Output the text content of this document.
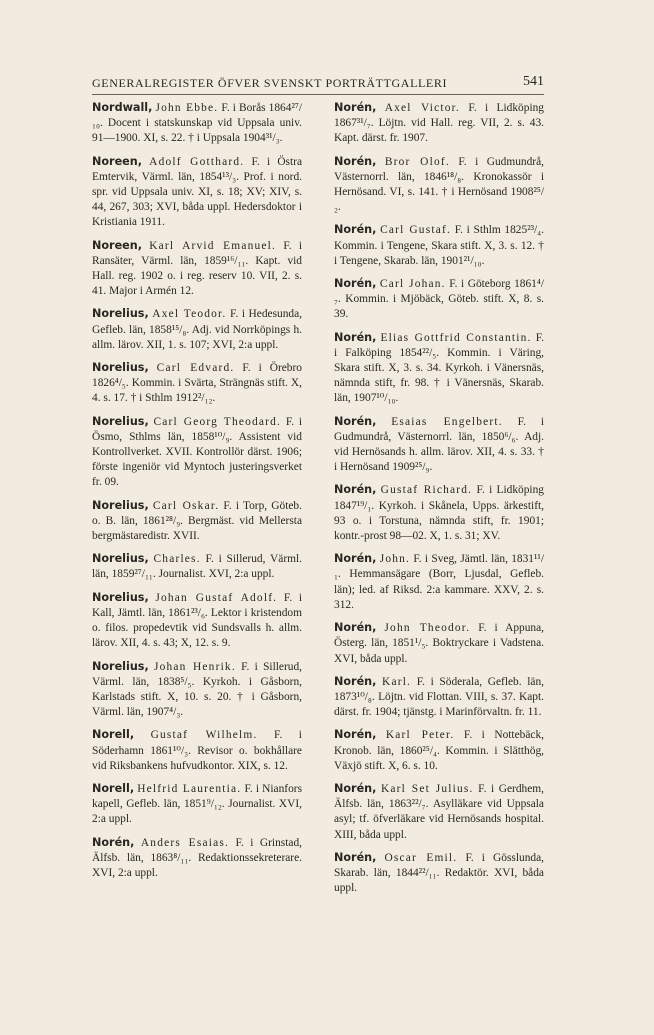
GENERALREGISTER ÖFVER SVENSKT PORTRÄTTGALLERI	541

Nordwall, John Ebbe. F. i Borås 1864²⁷/₁₀. Docent i statskunskap vid Uppsala univ. 91—1900. XI, s. 22. † i Uppsala 1904³¹/₃.

Noreen, Adolf Gotthard. F. i Östra Emtervik, Värml. län, 1854¹³/₃. Prof. i nord. spr. vid Uppsala univ. XI, s. 18; XV; XIV, s. 44, 267, 303; XVI, båda uppl. Hedersdoktor i Kristiania 1911.

Noreen, Karl Arvid Emanuel. F. i Ransäter, Värml. län, 1859¹⁶/₁₁. Kapt. vid Hall. reg. 1902 o. i reg. reserv 10. VII, 2. s. 41. Major i Armén 12.

Norelius, Axel Teodor. F. i Hedesunda, Gefleb. län, 1858¹⁵/₈. Adj. vid Norrköpings h. allm. lärov. XII, 1. s. 107; XVI, 2:a uppl.

Norelius, Carl Edvard. F. i Örebro 1826⁴/₅. Kommin. i Svärta, Strängnäs stift. X, 4. s. 17. † i Sthlm 1912²/₁₂.

Norelius, Carl Georg Theodard. F. i Ösmo, Sthlms län, 1858¹⁰/₉. Assistent vid Kontrollverket. XVII. Kontrollör därst. 1906; förste ingeniör vid Myntoch justeringsverket fr. 09.

Norelius, Carl Oskar. F. i Torp, Göteb. o. B. län, 1861²⁸/₉. Bergmäst. vid Mellersta bergmästaredistr. XVII.

Norelius, Charles. F. i Sillerud, Värml. län, 1859²⁷/₁₁. Journalist. XVI, 2:a uppl.

Norelius, Johan Gustaf Adolf. F. i Kall, Jämtl. län, 1861²³/₆. Lektor i kristendom o. filos. propedevtik vid Sundsvalls h. allm. lärov. XII, 4. s. 43; X, 12. s. 9.

Norelius, Johan Henrik. F. i Sillerud, Värml. län, 1838⁵/₅. Kyrkoh. i Gåsborn, Karlstads stift. X, 10. s. 20. † i Gåsborn, Värml. län, 1907⁴/₃.

Norell, Gustaf Wilhelm. F. i Söderhamn 1861¹⁰/₃. Revisor o. bokhållare vid Riksbankens hufvudkontor. XIX, s. 12.

Norell, Helfrid Laurentia. F. i Nianfors kapell, Gefleb. län, 1851⁹/₁₂. Journalist. XVI, 2:a uppl.

Norén, Anders Esaias. F. i Grinstad, Älfsb. län, 1863⁸/₁₁. Redaktionssekreterare. XVI, 2:a uppl.

Norén, Axel Victor. F. i Lidköping 1867³¹/₇. Löjtn. vid Hall. reg. VII, 2. s. 43. Kapt. därst. fr. 1907.

Norén, Bror Olof. F. i Gudmundrå, Västernorrl. län, 1846¹⁸/₈. Kronokassör i Hernösand. VI, s. 141. † i Hernösand 1908²⁵/₂.

Norén, Carl Gustaf. F. i Sthlm 1825²³/₄. Kommin. i Tengene, Skara stift. X, 3. s. 12. † i Tengene, Skarab. län, 1901²¹/₁₀.

Norén, Carl Johan. F. i Göteborg 1861⁴/₇. Kommin. i Mjöbäck, Göteb. stift. X, 8. s. 39.

Norén, Elias Gottfrid Constantin. F. i Falköping 1854²²/₅. Kommin. i Väring, Skara stift. X, 3. s. 34. Kyrkoh. i Vänersnäs, nämnda stift, fr. 98. † i Vänersnäs, Skarab. län, 1907¹⁰/₁₀.

Norén, Esaias Engelbert. F. i Gudmundrå, Västernorrl. län, 1850⁶/₆. Adj. vid Hernösands h. allm. lärov. XII, 4. s. 33. † i Hernösand 1909²⁵/₉.

Norén, Gustaf Richard. F. i Lidköping 1847¹⁹/₁. Kyrkoh. i Skånela, Upps. ärkestift, 93 o. i Torstuna, nämnda stift, fr. 1901; kontr.-prost 98—02. X, 1. s. 31; XV.

Norén, John. F. i Sveg, Jämtl. län, 1831¹¹/₁. Hemmansägare (Borr, Ljusdal, Gefleb. län); led. af Riksd. 2:a kammare. XXV, 2. s. 312.

Norén, John Theodor. F. i Appuna, Österg. län, 1851¹/₅. Boktryckare i Vadstena. XVI, båda uppl.

Norén, Karl. F. i Söderala, Gefleb. län, 1873¹⁰/₈. Löjtn. vid Flottan. VIII, s. 37. Kapt. därst. fr. 1904; tjänstg. i Marinförvaltn. fr. 11.

Norén, Karl Peter. F. i Nottebäck, Kronob. län, 1860²⁵/₄. Kommin. i Slätthög, Växjö stift. X, 6. s. 10.

Norén, Karl Set Julius. F. i Gerdhem, Älfsb. län, 1863²²/₇. Asylläkare vid Uppsala asyl; tf. öfverläkare vid Hernösands hospital. XIII, båda uppl.

Norén, Oscar Emil. F. i Gösslunda, Skarab. län, 1844²²/₁₁. Redaktör. XVI, båda uppl.
